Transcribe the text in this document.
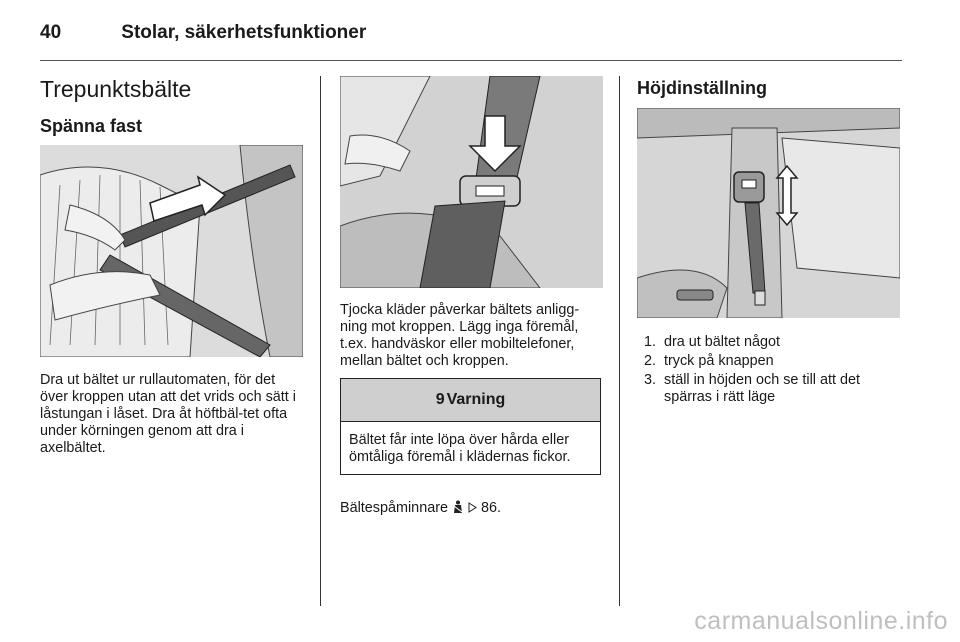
40	Stolar, säkerhetsfunktioner
Trepunktsbälte
Spänna fast

Dra ut bältet ur rullautomaten, för det över kroppen utan att det vrids och sätt i låstungan i låset. Dra åt höftbäl-tet ofta under körningen genom att dra i axelbältet.

Tjocka kläder påverkar bältets anligg-ning mot kroppen. Lägg inga föremål, t.ex. handväskor eller mobiltelefoner, mellan bältet och kroppen.

9 Varning
Bältet får inte löpa över hårda eller ömtåliga föremål i klädernas fickor.

Bältespåminnare 86.

Höjdinställning
1. dra ut bältet något
2. tryck på knappen
3. ställ in höjden och se till att det spärras i rätt läge
carmanualsonline.info
